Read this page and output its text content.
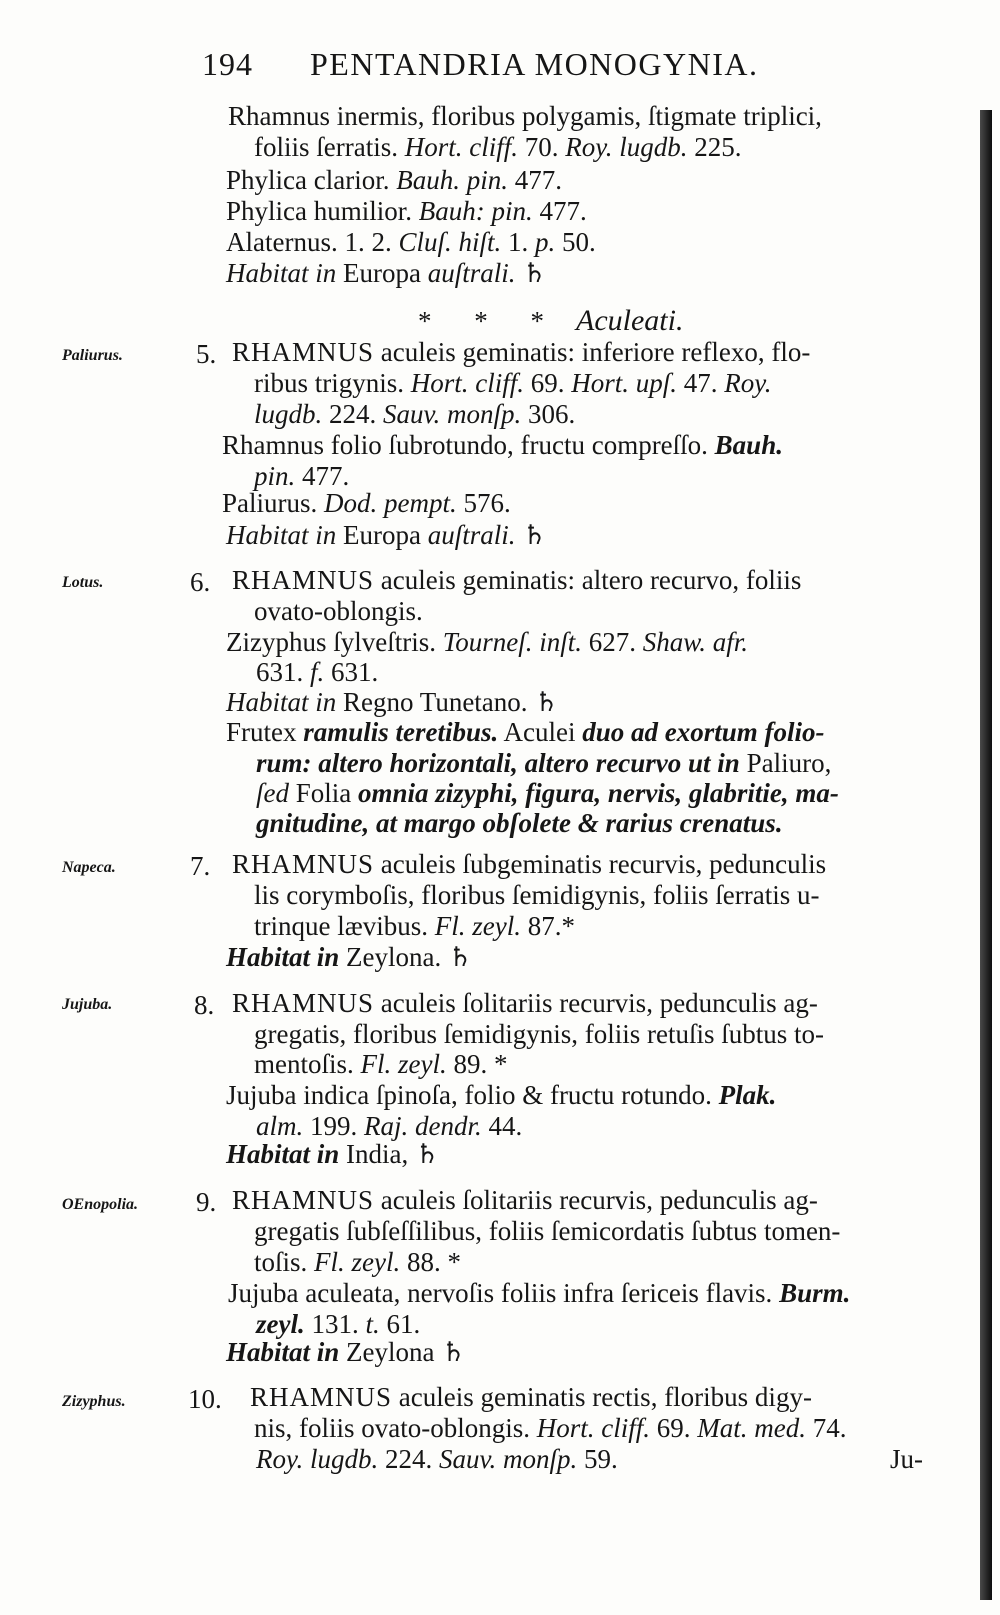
194 PENTANDRIA MONOGYNIA.
Rhamnus inermis, floribus polygamis, ſtigmate triplici,
foliis ſerratis. Hort. cliff. 70. Roy. lugdb. 225.
Phylica clarior. Bauh. pin. 477.
Phylica humilior. Bauh: pin. 477.
Alaternus. 1. 2. Cluſ. hiſt. 1. p. 50.
Habitat in Europa auſtrali. ♄
* * * Aculeati.
Paliurus.	5. RHAMNUS aculeis geminatis: inferiore reflexo, flo-
ribus trigynis. Hort. cliff. 69. Hort. upſ. 47. Roy.
lugdb. 224. Sauv. monſp. 306.
Rhamnus folio ſubrotundo, fructu compreſſo. Bauh.
pin. 477.
Paliurus. Dod. pempt. 576.
Habitat in Europa auſtrali. ♄
Lotus.	6. RHAMNUS aculeis geminatis: altero recurvo, foliis
ovato-oblongis.
Zizyphus ſylveſtris. Tourneſ. inſt. 627. Shaw. afr.
631. f. 631.
Habitat in Regno Tunetano. ♄
Frutex ramulis teretibus. Aculei duo ad exortum folio-
rum: altero horizontali, altero recurvo ut in Paliuro,
ſed Folia omnia zizyphi, figura, nervis, glabritie, ma-
gnitudine, at margo obſolete & rarius crenatus.
Napeca.	7. RHAMNUS aculeis ſubgeminatis recurvis, pedunculis
lis corymboſis, floribus ſemidigynis, foliis ſerratis u-
trinque lævibus. Fl. zeyl. 87.*
Habitat in Zeylona. ♄
Jujuba.	8. RHAMNUS aculeis ſolitariis recurvis, pedunculis ag-
gregatis, floribus ſemidigynis, foliis retuſis ſubtus to-
mentoſis. Fl. zeyl. 89. *
Jujuba indica ſpinoſa, folio & fructu rotundo. Plak.
alm. 199. Raj. dendr. 44.
Habitat in India, ♄
OEnopolia. 9. RHAMNUS aculeis ſolitariis recurvis, pedunculis ag-
gregatis ſubſeſſilibus, foliis ſemicordatis ſubtus tomen-
toſis. Fl. zeyl. 88. *
Jujuba aculeata, nervoſis foliis infra ſericeis flavis. Burm.
zeyl. 131. t. 61.
Habitat in Zeylona ♄
Zizyphus. 10. RHAMNUS aculeis geminatis rectis, floribus digy-
nis, foliis ovato-oblongis. Hort. cliff. 69. Mat. med. 74.
Roy. lugdb. 224. Sauv. monſp. 59.	Ju-
